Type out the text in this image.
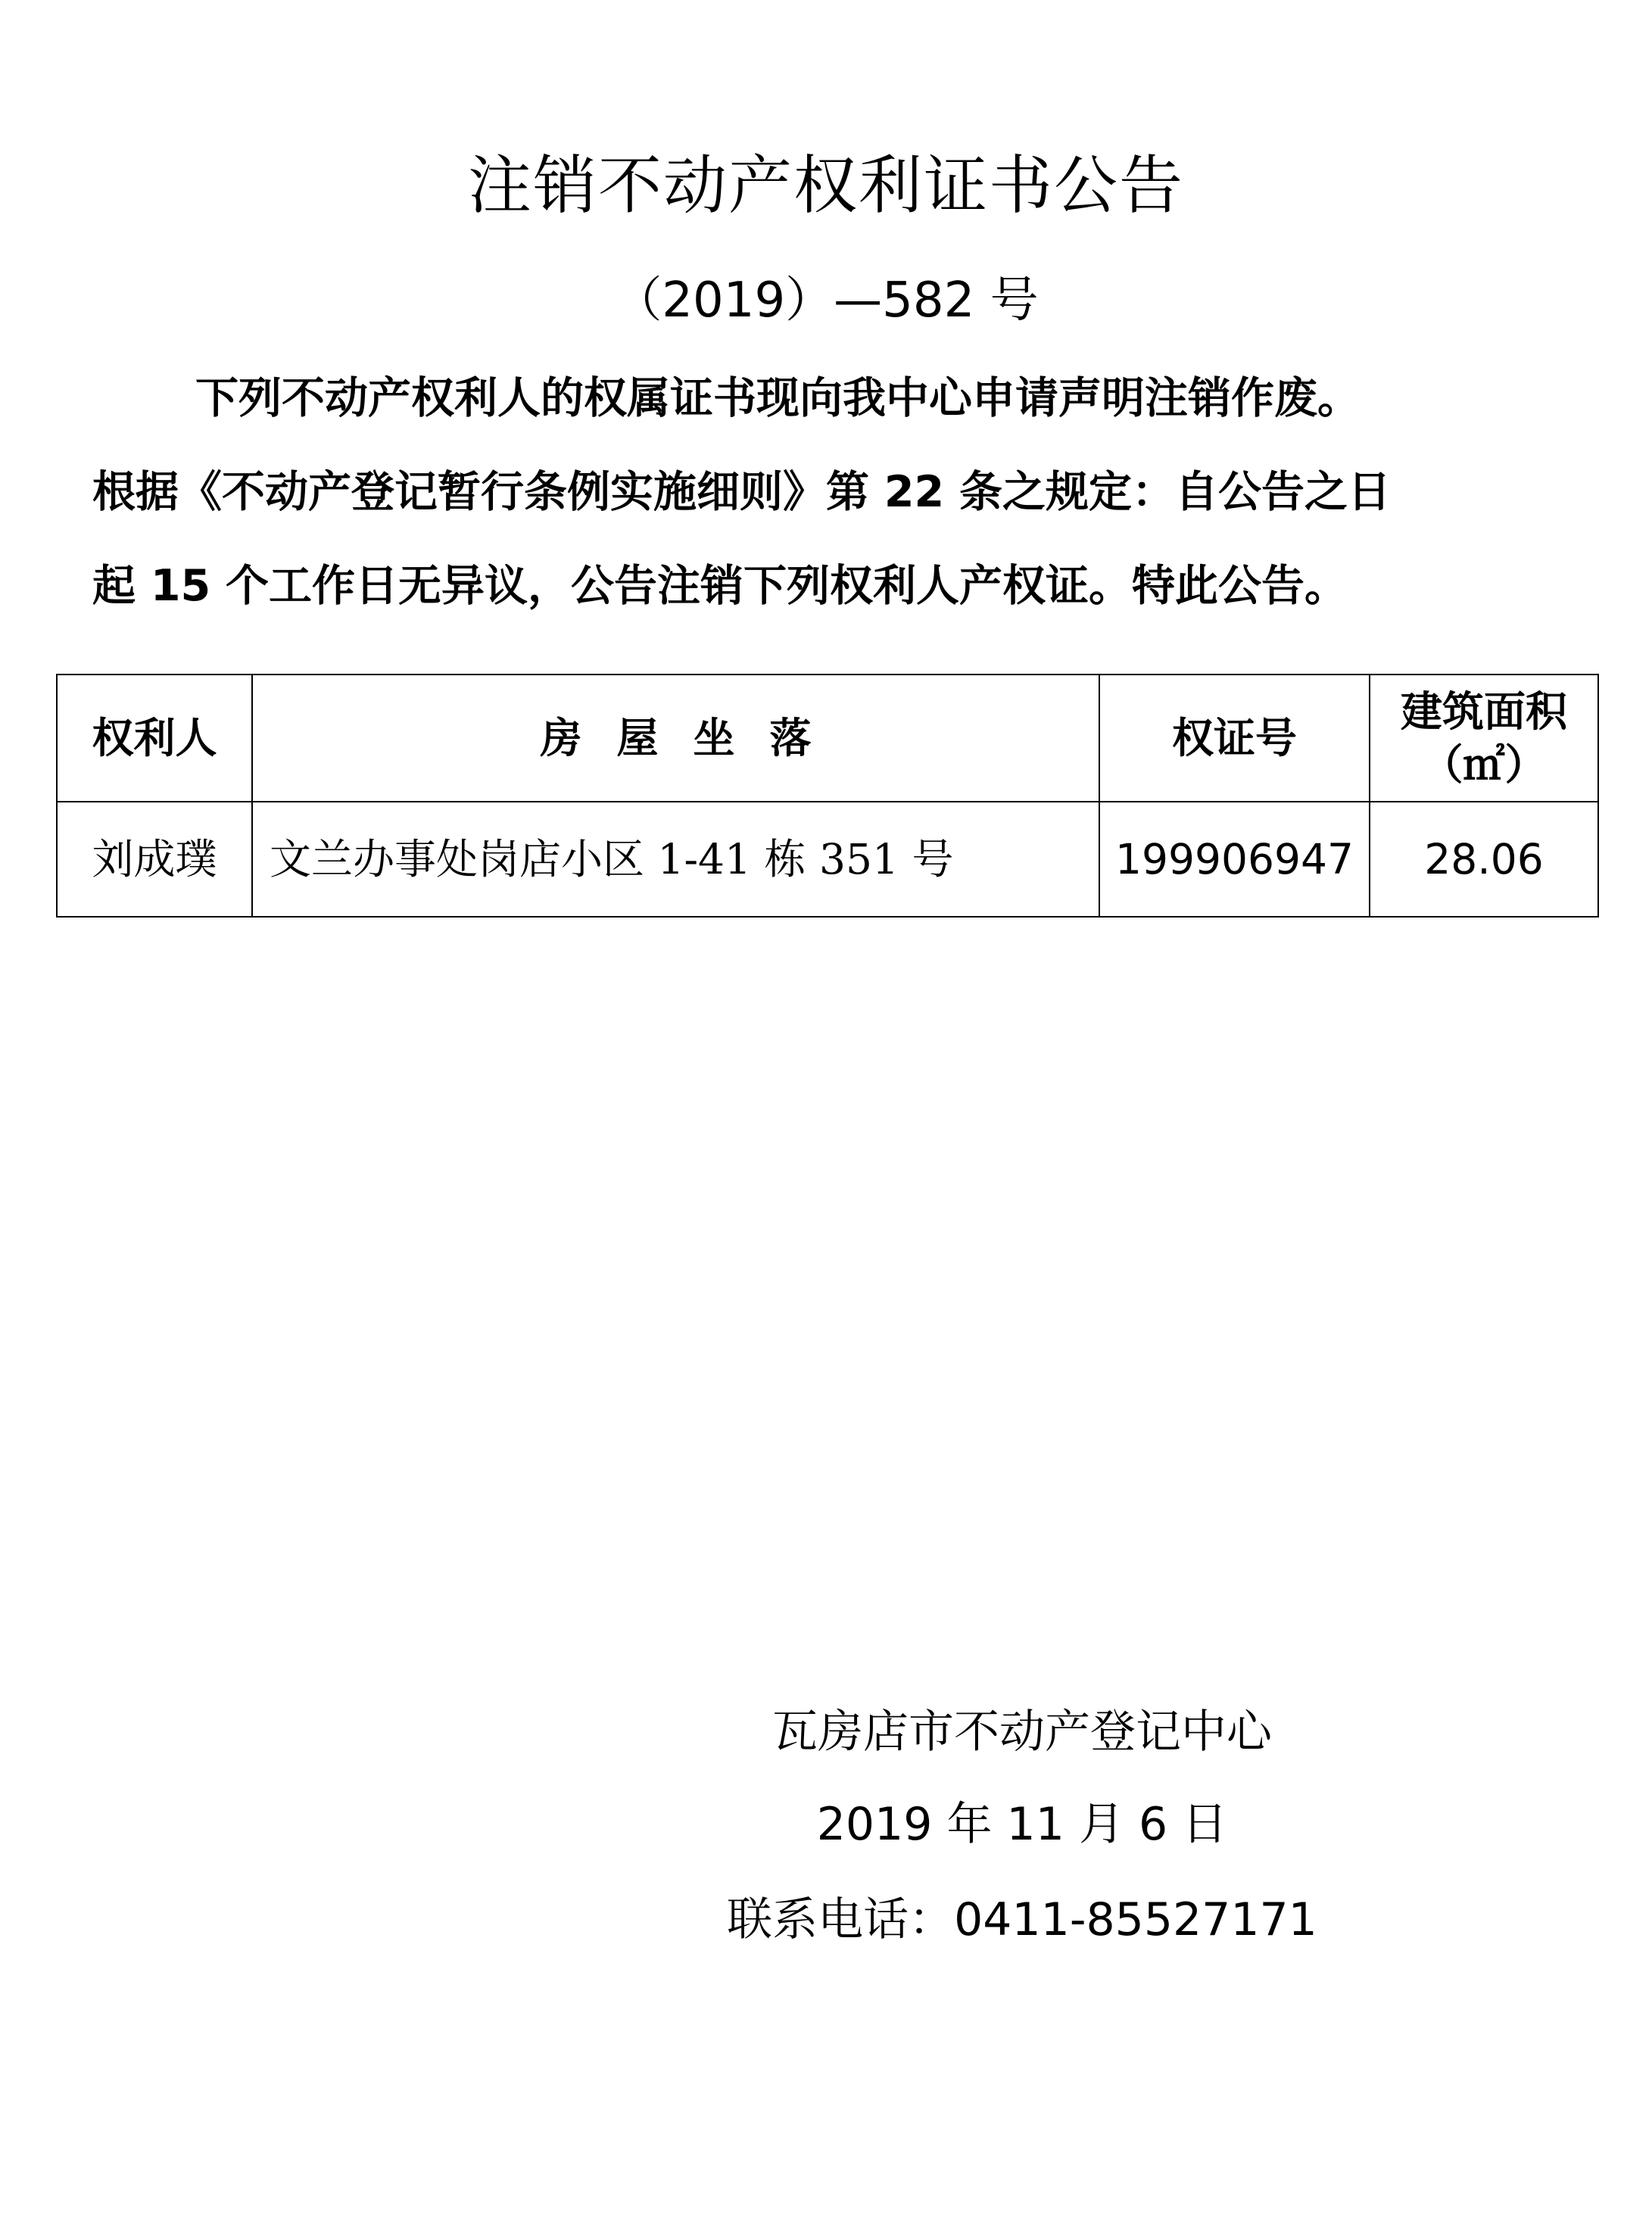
注销不动产权利证书公告
（2019）—582 号
下列不动产权利人的权属证书现向我中心申请声明注销作废。
根据《不动产登记暂行条例实施细则》第 22 条之规定：自公告之日
起 15 个工作日无异议，公告注销下列权利人产权证。特此公告。
权利人	房屋坐落	权证号	建筑面积
（㎡）

刘成璞	文兰办事处岗店小区 1-41 栋 351 号	199906947	28.06
瓦房店市不动产登记中心
2019 年 11 月 6 日
联系电话：0411-85527171
